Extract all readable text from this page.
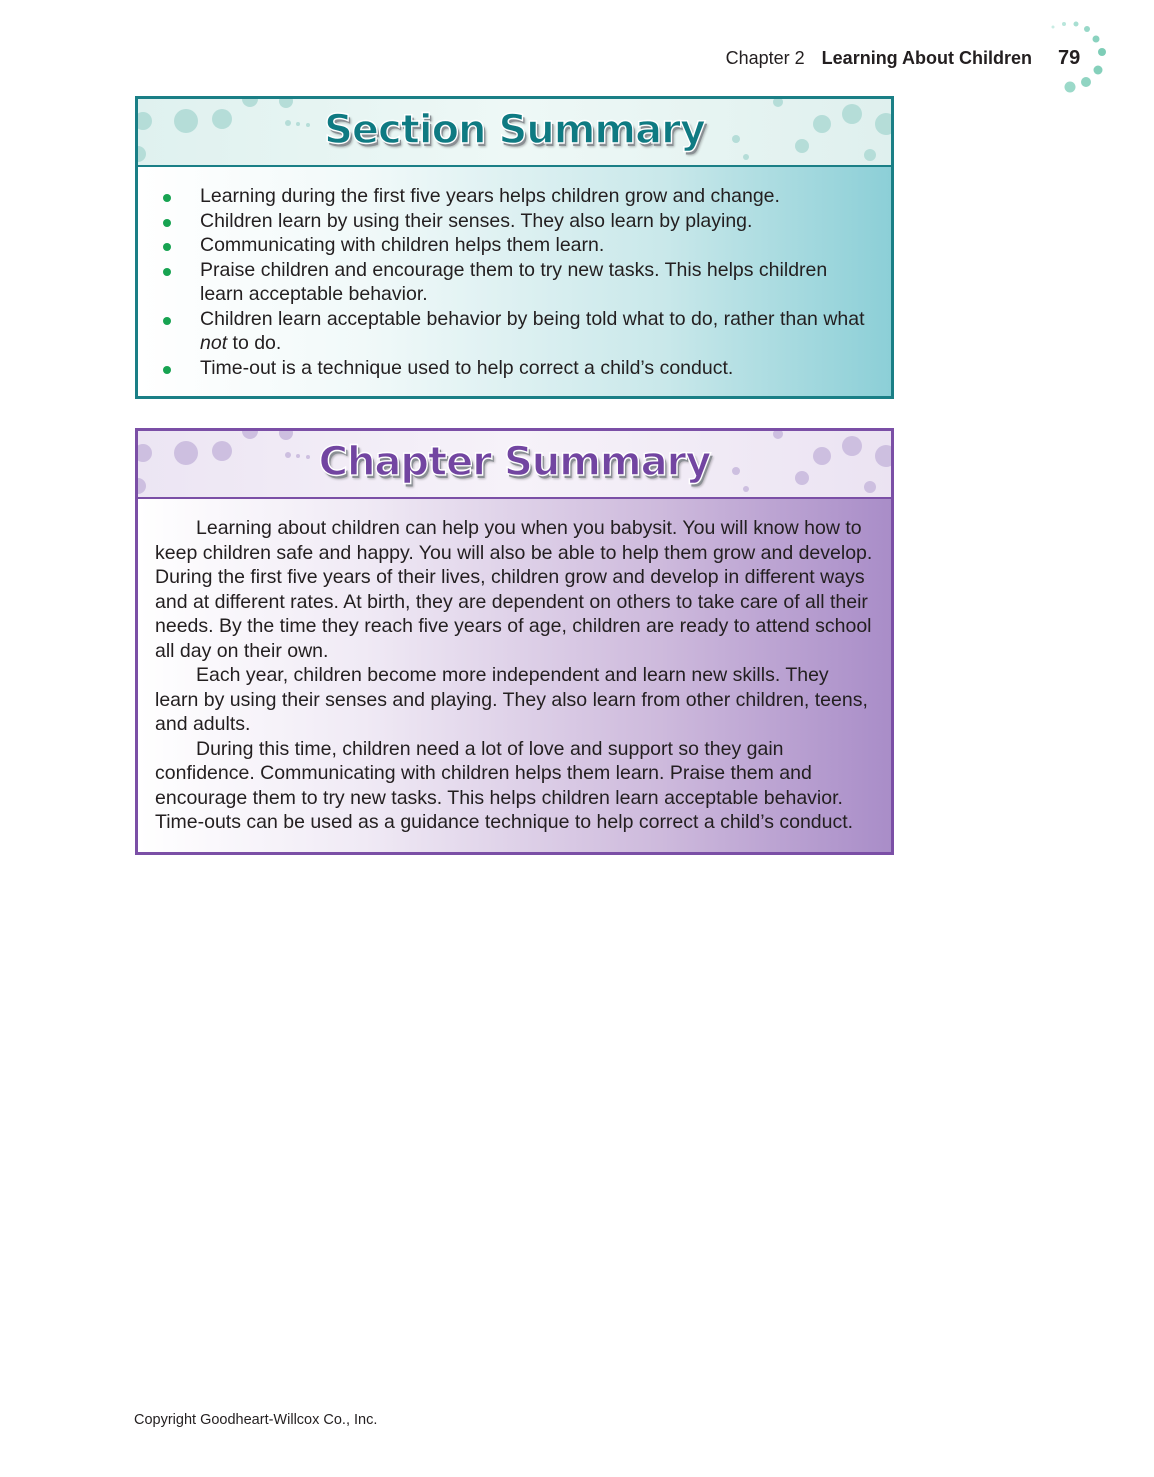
Chapter 2 Learning About Children 79
Section Summary
Learning during the first five years helps children grow and change.
Children learn by using their senses. They also learn by playing.
Communicating with children helps them learn.
Praise children and encourage them to try new tasks. This helps children learn acceptable behavior.
Children learn acceptable behavior by being told what to do, rather than what not to do.
Time-out is a technique used to help correct a child’s conduct.
Chapter Summary

Learning about children can help you when you babysit. You will know how to keep children safe and happy. You will also be able to help them grow and develop. During the first five years of their lives, children grow and develop in different ways and at different rates. At birth, they are dependent on others to take care of all their needs. By the time they reach five years of age, children are ready to attend school all day on their own.

Each year, children become more independent and learn new skills. They learn by using their senses and playing. They also learn from other children, teens, and adults.

During this time, children need a lot of love and support so they gain confidence. Communicating with children helps them learn. Praise them and encourage them to try new tasks. This helps children learn acceptable behavior. Time-outs can be used as a guidance technique to help correct a child’s conduct.

Copyright Goodheart-Willcox Co., Inc.
